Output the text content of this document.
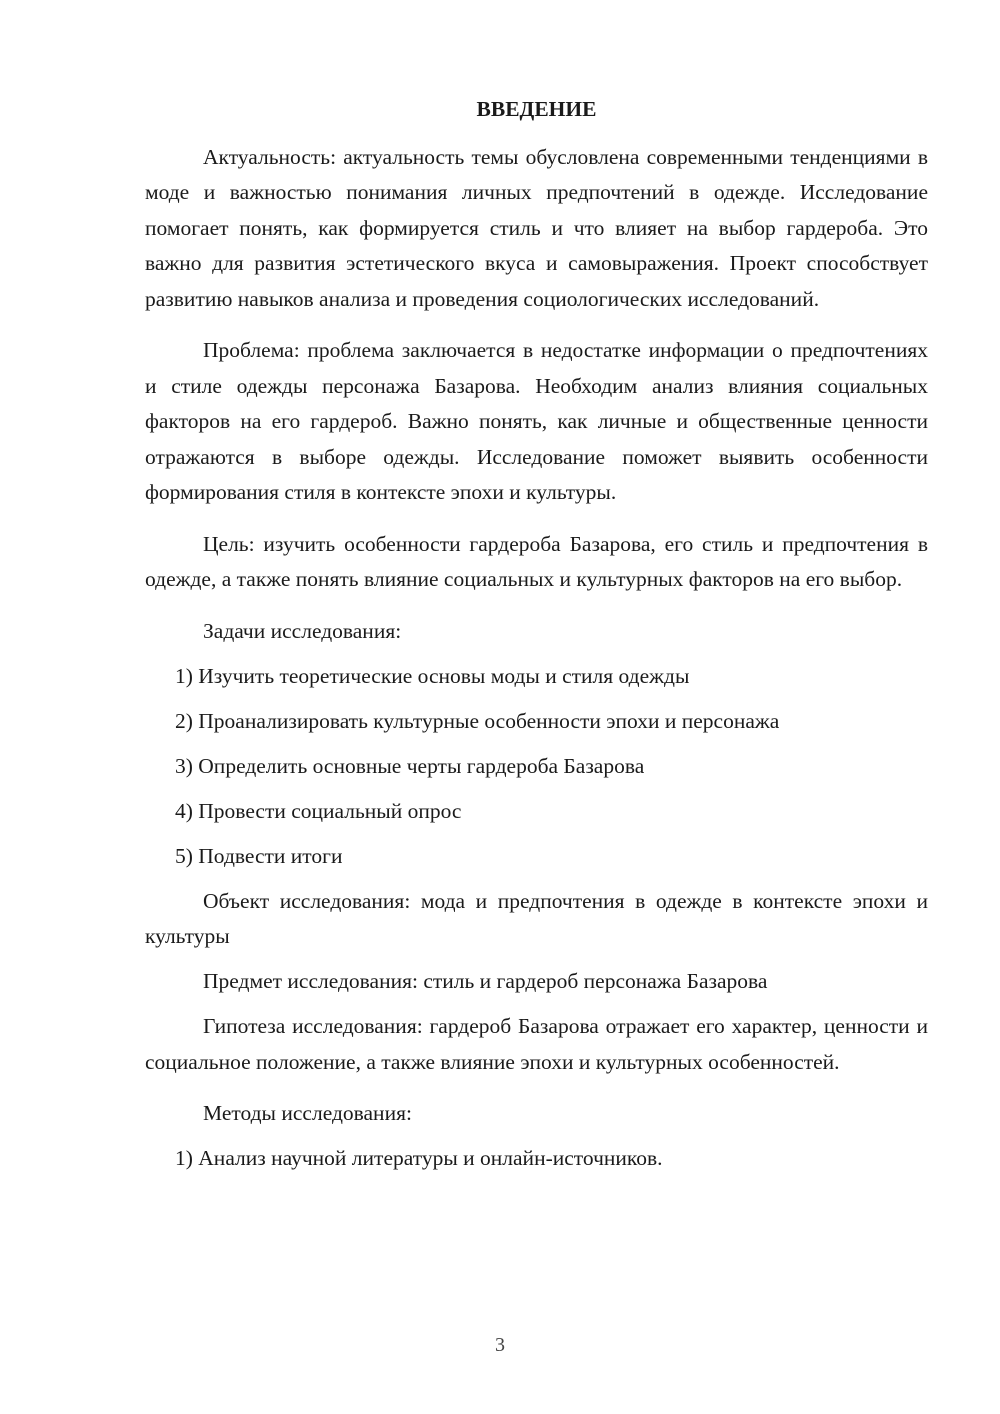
ВВЕДЕНИЕ

Актуальность: актуальность темы обусловлена современными тенденциями в моде и важностью понимания личных предпочтений в одежде. Исследование помогает понять, как формируется стиль и что влияет на выбор гардероба. Это важно для развития эстетического вкуса и самовыражения. Проект способствует развитию навыков анализа и проведения социологических исследований.

Проблема: проблема заключается в недостатке информации о предпочтениях и стиле одежды персонажа Базарова. Необходим анализ влияния социальных факторов на его гардероб. Важно понять, как личные и общественные ценности отражаются в выборе одежды. Исследование поможет выявить особенности формирования стиля в контексте эпохи и культуры.

Цель: изучить особенности гардероба Базарова, его стиль и предпочтения в одежде, а также понять влияние социальных и культурных факторов на его выбор.

Задачи исследования:

1) Изучить теоретические основы моды и стиля одежды

2) Проанализировать культурные особенности эпохи и персонажа

3) Определить основные черты гардероба Базарова

4) Провести социальный опрос

5) Подвести итоги

Объект исследования: мода и предпочтения в одежде в контексте эпохи и культуры

Предмет исследования: стиль и гардероб персонажа Базарова

Гипотеза исследования: гардероб Базарова отражает его характер, ценности и социальное положение, а также влияние эпохи и культурных особенностей.

Методы исследования:

1) Анализ научной литературы и онлайн-источников.

3
